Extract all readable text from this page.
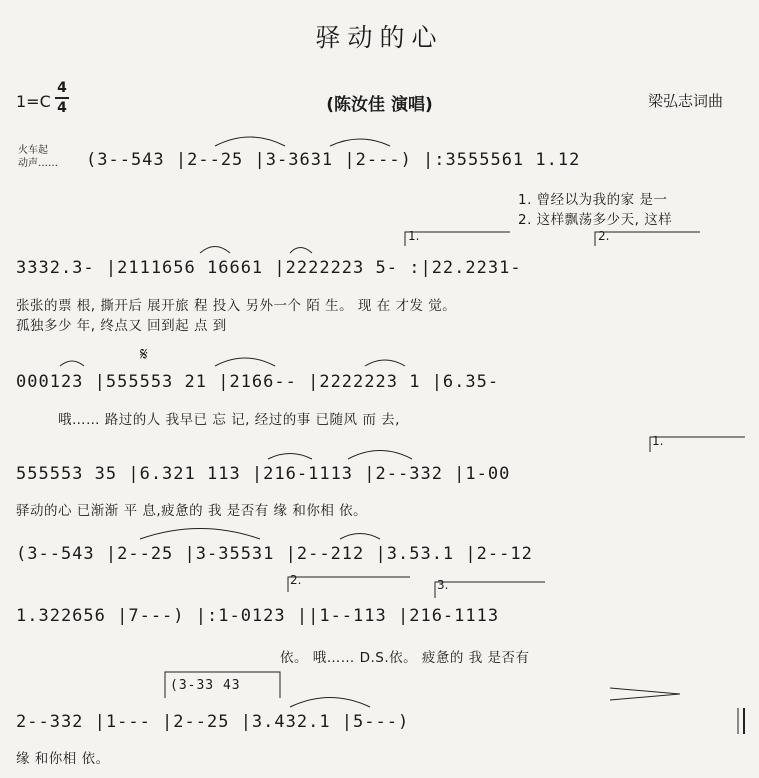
驿动的心
1=C
4
4	(陈汝佳 演唱)	梁弘志词曲
火车起
动声…… (3--543 |2--25 |3-3631 |2---) |:3555561 1.12
3332.3- |2111656 16661 |2222223 5- :|22.2231-
000123 |555553 21 |2166-- |2222223 1 |6.35-
555553 35 |6.321 113 |216-1113 |2--332 |1-00
(3--543 |2--25 |3-35531 |2--212 |3.53.1 |2--12
1.322656 |7---) |:1-0123 ||1--113 |216-1113
2--332 |1--- |2--25 |3.432.1 |5---)
1. 曾经以为我的家 是一
2. 这样飘荡多少天, 这样
张张的票 根, 撕开后 展开旅 程 投入 另外一个 陌 生。 现 在 才发 觉。
孤独多少 年, 终点又 回到起 点 到
哦…… 路过的人 我早已 忘 记, 经过的事 已随风 而 去,
驿动的心 已渐渐 平 息,疲惫的 我 是否有 缘 和你相 依。
依。 哦…… D.S.依。 疲惫的 我 是否有
缘 和你相 依。
(3-33 43
1.	2.
1.
2.	3.
𝄋
